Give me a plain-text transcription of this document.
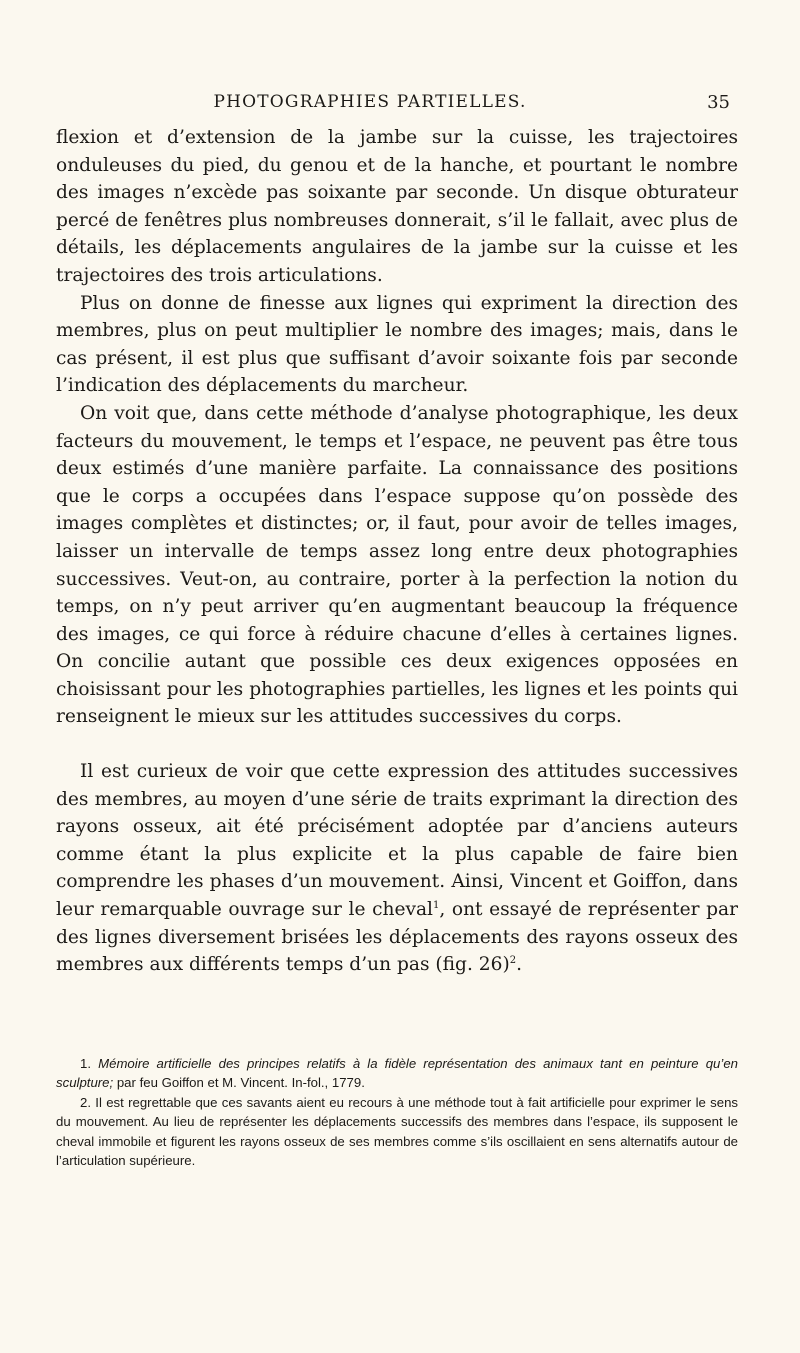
PHOTOGRAPHIES PARTIELLES.	35

flexion et d’extension de la jambe sur la cuisse, les trajectoires onduleuses du pied, du genou et de la hanche, et pourtant le nombre des images n’excède pas soixante par seconde. Un disque obturateur percé de fenêtres plus nombreuses donnerait, s’il le fallait, avec plus de détails, les déplacements angulaires de la jambe sur la cuisse et les trajectoires des trois articulations.

Plus on donne de finesse aux lignes qui expriment la direction des membres, plus on peut multiplier le nombre des images; mais, dans le cas présent, il est plus que suffisant d’avoir soixante fois par seconde l’indication des déplacements du marcheur.

On voit que, dans cette méthode d’analyse photographique, les deux facteurs du mouvement, le temps et l’espace, ne peuvent pas être tous deux estimés d’une manière parfaite. La connaissance des positions que le corps a occupées dans l’espace suppose qu’on possède des images complètes et distinctes; or, il faut, pour avoir de telles images, laisser un intervalle de temps assez long entre deux photographies successives. Veut-on, au contraire, porter à la perfection la notion du temps, on n’y peut arriver qu’en augmentant beaucoup la fréquence des images, ce qui force à réduire chacune d’elles à certaines lignes. On concilie autant que possible ces deux exigences opposées en choisissant pour les photographies partielles, les lignes et les points qui renseignent le mieux sur les attitudes successives du corps.

Il est curieux de voir que cette expression des attitudes successives des membres, au moyen d’une série de traits exprimant la direction des rayons osseux, ait été précisément adoptée par d’anciens auteurs comme étant la plus explicite et la plus capable de faire bien comprendre les phases d’un mouvement. Ainsi, Vincent et Goiffon, dans leur remarquable ouvrage sur le cheval$^1$, ont essayé de représenter par des lignes diversement brisées les déplacements des rayons osseux des membres aux différents temps d’un pas (fig. 26)$^2$.

1. Mémoire artificielle des principes relatifs à la fidèle représentation des animaux tant en peinture qu’en sculpture; par feu Goiffon et M. Vincent. In-fol., 1779.

2. Il est regrettable que ces savants aient eu recours à une méthode tout à fait artificielle pour exprimer le sens du mouvement. Au lieu de représenter les déplacements successifs des membres dans l’espace, ils supposent le cheval immobile et figurent les rayons osseux de ses membres comme s’ils oscillaient en sens alternatifs autour de l’articulation supérieure.
